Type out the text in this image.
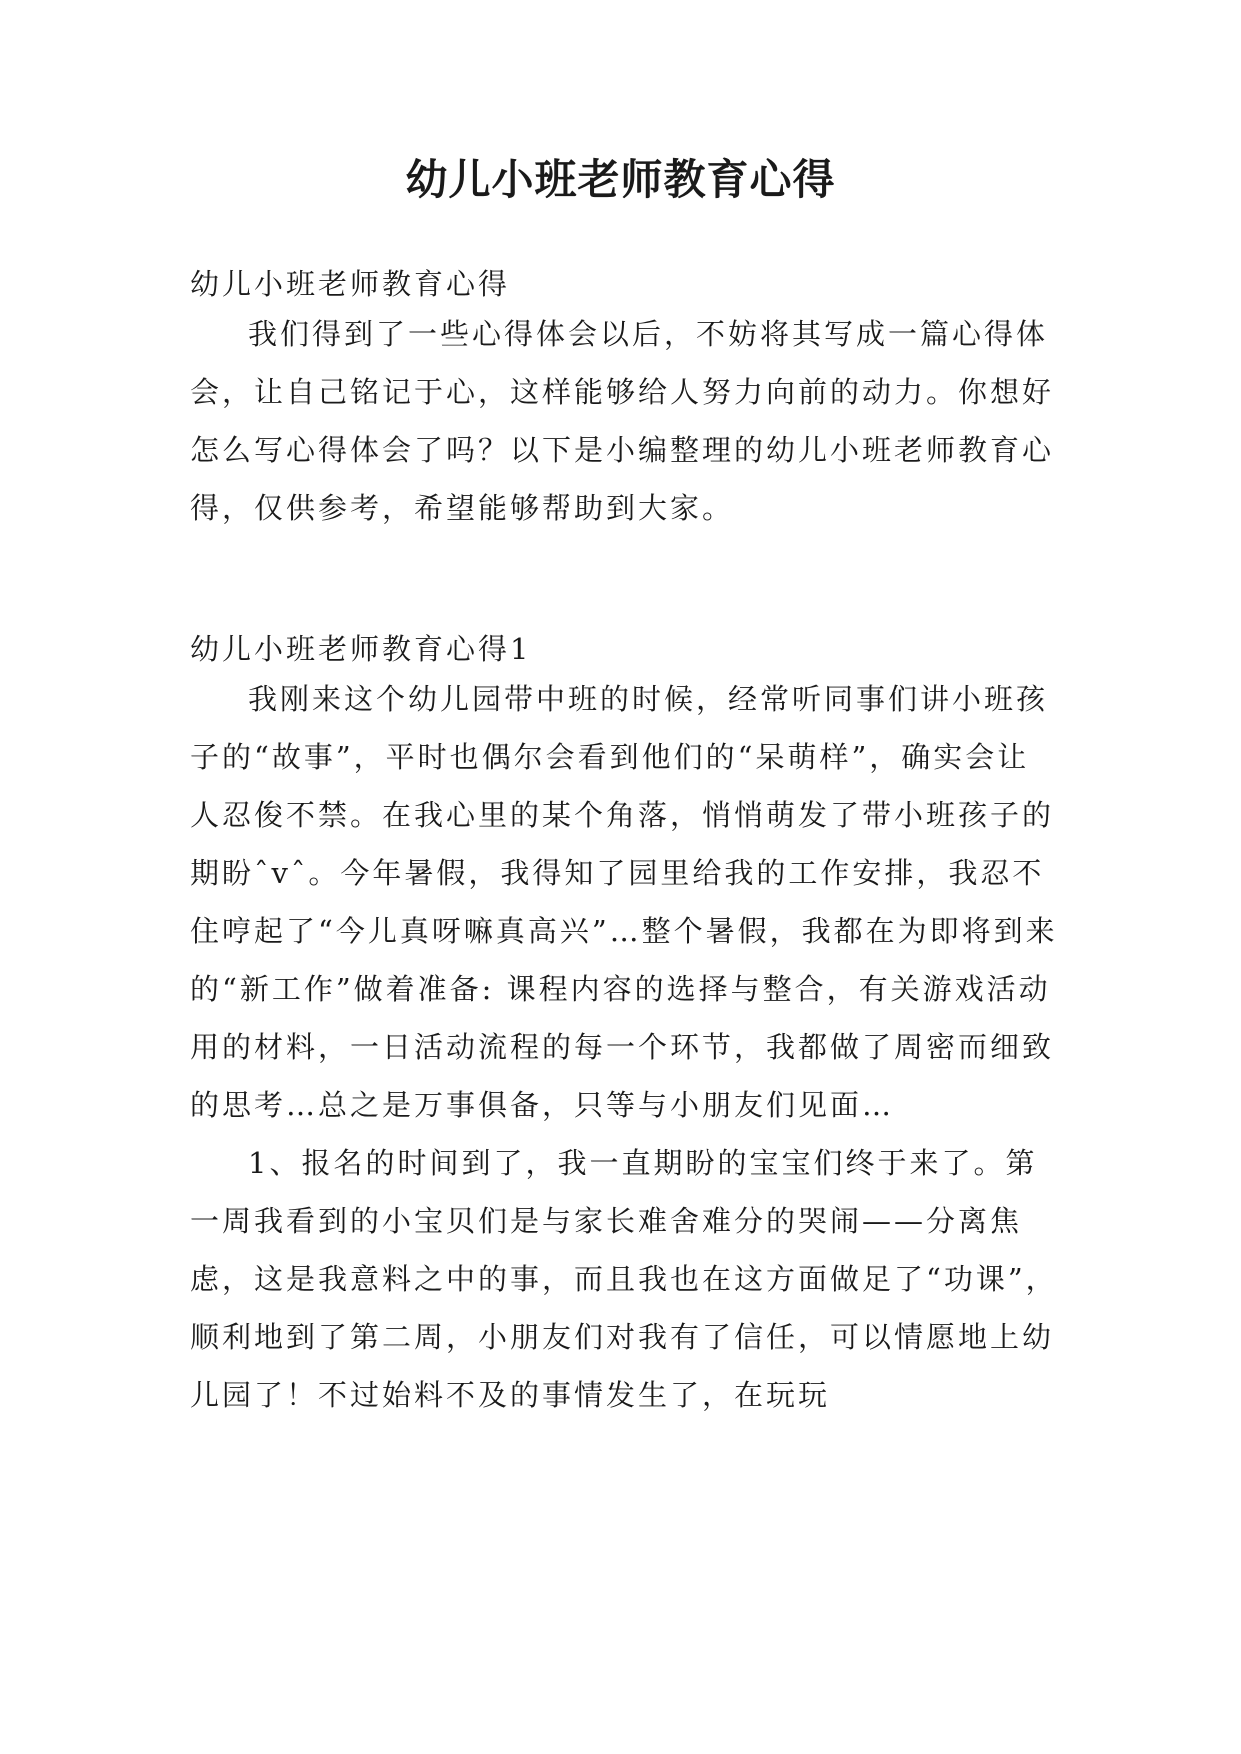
幼儿小班老师教育心得

幼儿小班老师教育心得

我们得到了一些心得体会以后，不妨将其写成一篇心得体会，让自己铭记于心，这样能够给人努力向前的动力。你想好怎么写心得体会了吗？以下是小编整理的幼儿小班老师教育心得，仅供参考，希望能够帮助到大家。

幼儿小班老师教育心得1

我刚来这个幼儿园带中班的时候，经常听同事们讲小班孩子的“故事”，平时也偶尔会看到他们的“呆萌样”，确实会让人忍俊不禁。在我心里的某个角落，悄悄萌发了带小班孩子的期盼ˆvˆ。今年暑假，我得知了园里给我的工作安排，我忍不住哼起了“今儿真呀嘛真高兴”…整个暑假，我都在为即将到来的“新工作”做着准备: 课程内容的选择与整合，有关游戏活动用的材料，一日活动流程的每一个环节，我都做了周密而细致的思考…总之是万事俱备，只等与小朋友们见面…

1、报名的时间到了，我一直期盼的宝宝们终于来了。第一周我看到的小宝贝们是与家长难舍难分的哭闹——分离焦虑，这是我意料之中的事，而且我也在这方面做足了“功课”，顺利地到了第二周，小朋友们对我有了信任，可以情愿地上幼儿园了！不过始料不及的事情发生了，在玩玩
